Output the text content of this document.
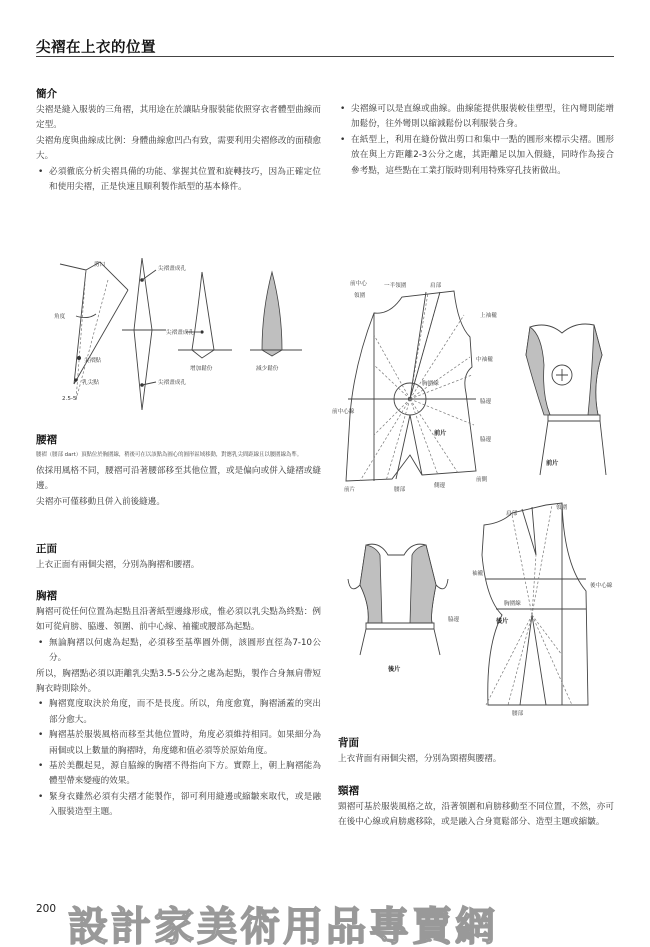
尖褶在上衣的位置
簡介
尖褶是縫入服裝的三角褶，其用途在於讓貼身服裝能依照穿衣者體型曲線而定型。
尖褶角度與曲線成比例：身體曲線愈凹凸有致，需要利用尖褶修改的面積愈大。
• 必須徹底分析尖褶具備的功能、掌握其位置和旋轉技巧，因為正確定位和使用尖褶，正是快速且順利製作紙型的基本條件。
• 尖褶線可以是直線或曲線。曲線能提供服裝較佳塑型，往內彎則能增加鬆份，往外彎則以縮減鬆份以利服裝合身。
• 在紙型上，利用在縫份做出剪口和集中一點的圓形來標示尖褶。圓形放在與上方距離2-3公分之處，其距離足以加入假縫，同時作為接合參考點，這些點在工業打版時則利用特殊穿孔技術做出。
剪口
角度
尖褶點
乳尖點
2.5-5
尖褶畫成孔
尖褶畫成孔
尖褶畫成孔
增加鬆份	減少鬆份
腰褶
腰褶（腰部 dart）頂點位於胸圍線，稍後可在以該點為圓心的圓形區域移動，對應乳尖間距線且以腰圍線為準。
依採用風格不同，腰褶可沿著腰部移至其他位置，或是偏向或併入縫褶或縫邊。
尖褶亦可僅移動且併入前後縫邊。
正面
上衣正面有兩個尖褶，分別為胸褶和腰褶。
胸褶
胸褶可從任何位置為起點且沿著紙型邊緣形成，惟必須以乳尖點為終點：例如可從肩膀、脇邊、領圍、前中心線、袖襱或腰部為起點。
• 無論胸褶以何處為起點，必須移至基準圓外側，該圓形直徑為7-10公分。
所以，胸褶點必須以距離乳尖點3.5-5公分之處為起點，製作合身無肩帶短胸衣時則除外。
• 胸褶寬度取決於角度，而不是長度。所以，角度愈寬，胸褶涵蓋的突出部分愈大。
• 胸褶基於服裝風格而移至其他位置時，角度必須維持相同。如果細分為兩個或以上數量的胸褶時，角度總和值必須等於原始角度。
• 基於美觀起見，源自脇線的胸褶不得指向下方。實際上，朝上胸褶能為體型帶來變瘦的效果。
• 緊身衣雖然必須有尖褶才能製作，卻可利用縫邊或縮皺來取代，或是融入服裝造型主題。
前中心
領圍
一半領圍	肩部
上袖襱
中袖襱
胸圍線
前中心線
脇邊
前片
脇邊
前側
前片	腰部
側邊
前片
後片
肩部
領圍
袖襱
胸圍線
脇邊	後片
後中心線
腰部
背面
上衣背面有兩個尖褶，分別為頸褶與腰褶。
頸褶
頸褶可基於服裝風格之故，沿著領圍和肩膀移動至不同位置，不然，亦可在後中心線或肩膀處移除，或是融入合身寬鬆部分、造型主題或縮皺。
200 設計家美術用品專賣網
